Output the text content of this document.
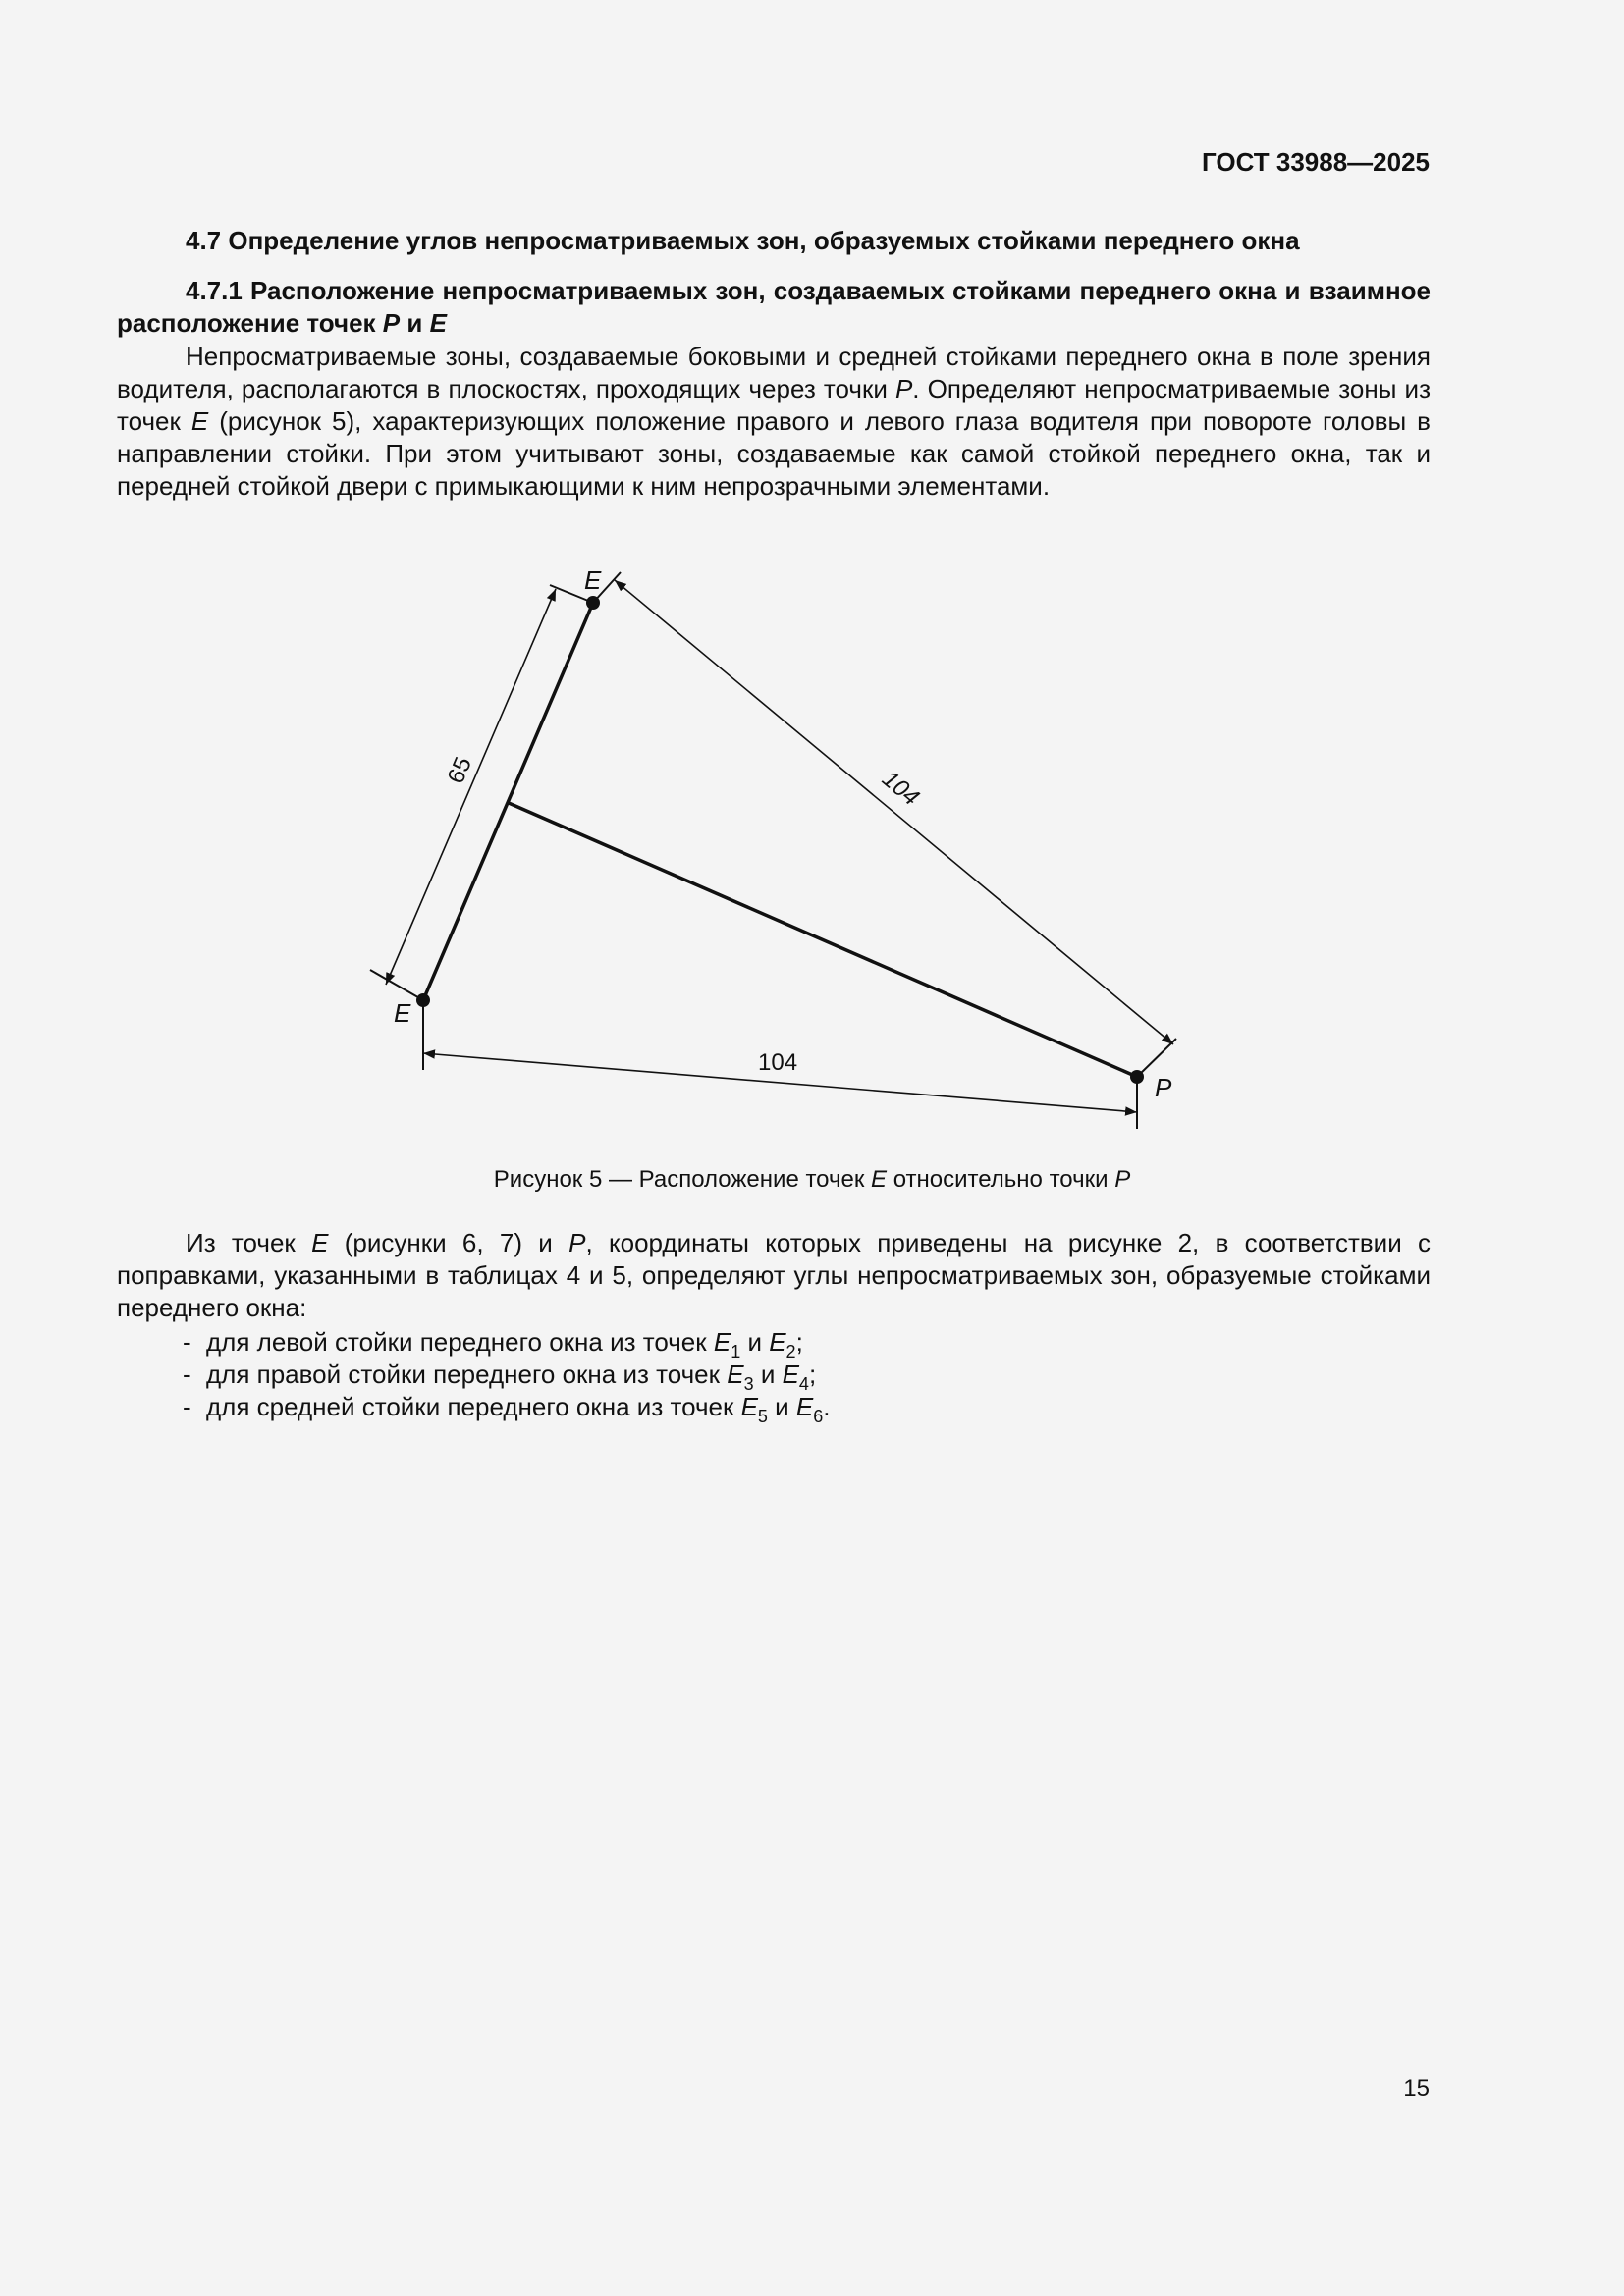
ГОСТ 33988—2025
4.7 Определение углов непросматриваемых зон, образуемых стойками переднего окна
4.7.1 Расположение непросматриваемых зон, создаваемых стойками переднего окна и взаимное расположение точек P и E
Непросматриваемые зоны, создаваемые боковыми и средней стойками переднего окна в поле зрения водителя, располагаются в плоскостях, проходящих через точки P. Определяют непросматриваемые зоны из точек E (рисунок 5), характеризующих положение правого и левого глаза водителя при повороте головы в направлении стойки. При этом учитывают зоны, создаваемые как самой стойкой переднего окна, так и передней стойкой двери с примыкающими к ним непрозрачными элементами.
E
E
P
65	104
104
Рисунок 5 — Расположение точек E относительно точки P
Из точек E (рисунки 6, 7) и P, координаты которых приведены на рисунке 2, в соответствии с поправками, указанными в таблицах 4 и 5, определяют углы непросматриваемых зон, образуемые стойками переднего окна:
- для левой стойки переднего окна из точек $E_1$ и $E_2$;
- для правой стойки переднего окна из точек $E_3$ и $E_4$;
- для средней стойки переднего окна из точек $E_5$ и $E_6$.
15
